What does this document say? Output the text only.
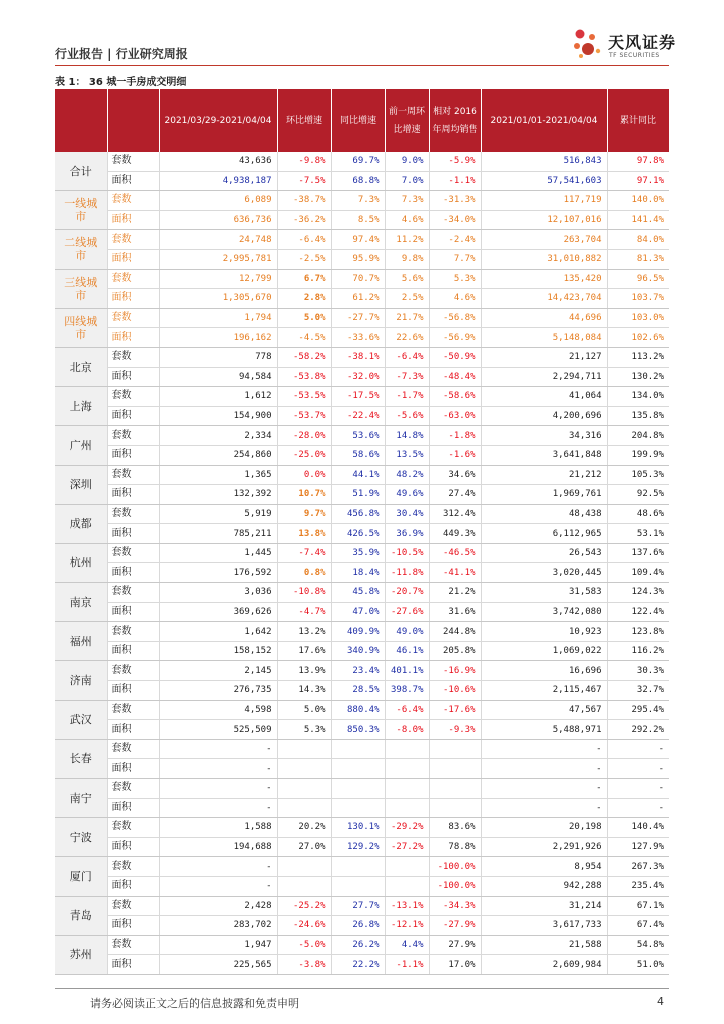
行业报告 | 行业研究周报
天风证券
TF SECURITIES
表 1： 36 城一手房成交明细
		2021/03/29-2021/04/04	环比增速	同比增速	前一周环比增速	相对 2016 年周均销售	2021/01/01-2021/04/04	累计同比
合计	套数	43,636	-9.8%	69.7%	9.0%	-5.9%	516,843	97.8%
	面积	4,938,187	-7.5%	68.8%	7.0%	-1.1%	57,541,603	97.1%
一线城市	套数	6,089	-38.7%	7.3%	7.3%	-31.3%	117,719	140.0%
	面积	636,736	-36.2%	8.5%	4.6%	-34.0%	12,107,016	141.4%
二线城市	套数	24,748	-6.4%	97.4%	11.2%	-2.4%	263,704	84.0%
	面积	2,995,781	-2.5%	95.9%	9.8%	7.7%	31,010,882	81.3%
三线城市	套数	12,799	6.7%	70.7%	5.6%	5.3%	135,420	96.5%
	面积	1,305,670	2.8%	61.2%	2.5%	4.6%	14,423,704	103.7%
四线城市	套数	1,794	5.0%	-27.7%	21.7%	-56.8%	44,696	103.0%
	面积	196,162	-4.5%	-33.6%	22.6%	-56.9%	5,148,084	102.6%
北京	套数	778	-58.2%	-38.1%	-6.4%	-50.9%	21,127	113.2%
	面积	94,584	-53.8%	-32.0%	-7.3%	-48.4%	2,294,711	130.2%
上海	套数	1,612	-53.5%	-17.5%	-1.7%	-58.6%	41,064	134.0%
	面积	154,900	-53.7%	-22.4%	-5.6%	-63.0%	4,200,696	135.8%
广州	套数	2,334	-28.0%	53.6%	14.8%	-1.8%	34,316	204.8%
	面积	254,860	-25.0%	58.6%	13.5%	-1.6%	3,641,848	199.9%
深圳	套数	1,365	0.0%	44.1%	48.2%	34.6%	21,212	105.3%
	面积	132,392	10.7%	51.9%	49.6%	27.4%	1,969,761	92.5%
成都	套数	5,919	9.7%	456.8%	30.4%	312.4%	48,438	48.6%
	面积	785,211	13.8%	426.5%	36.9%	449.3%	6,112,965	53.1%
杭州	套数	1,445	-7.4%	35.9%	-10.5%	-46.5%	26,543	137.6%
	面积	176,592	0.8%	18.4%	-11.8%	-41.1%	3,020,445	109.4%
南京	套数	3,036	-10.8%	45.8%	-20.7%	21.2%	31,583	124.3%
	面积	369,626	-4.7%	47.0%	-27.6%	31.6%	3,742,080	122.4%
福州	套数	1,642	13.2%	409.9%	49.0%	244.8%	10,923	123.8%
	面积	158,152	17.6%	340.9%	46.1%	205.8%	1,069,022	116.2%
济南	套数	2,145	13.9%	23.4%	401.1%	-16.9%	16,696	30.3%
	面积	276,735	14.3%	28.5%	398.7%	-10.6%	2,115,467	32.7%
武汉	套数	4,598	5.0%	880.4%	-6.4%	-17.6%	47,567	295.4%
	面积	525,509	5.3%	850.3%	-8.0%	-9.3%	5,488,971	292.2%
长春	套数	-					-	-
	面积	-					-	-
南宁	套数	-					-	-
	面积	-					-	-
宁波	套数	1,588	20.2%	130.1%	-29.2%	83.6%	20,198	140.4%
	面积	194,688	27.0%	129.2%	-27.2%	78.8%	2,291,926	127.9%
厦门	套数	-				-100.0%	8,954	267.3%
	面积	-				-100.0%	942,288	235.4%
青岛	套数	2,428	-25.2%	27.7%	-13.1%	-34.3%	31,214	67.1%
	面积	283,702	-24.6%	26.8%	-12.1%	-27.9%	3,617,733	67.4%
苏州	套数	1,947	-5.0%	26.2%	4.4%	27.9%	21,588	54.8%
	面积	225,565	-3.8%	22.2%	-1.1%	17.0%	2,609,984	51.0%
请务必阅读正文之后的信息披露和免责申明	4
